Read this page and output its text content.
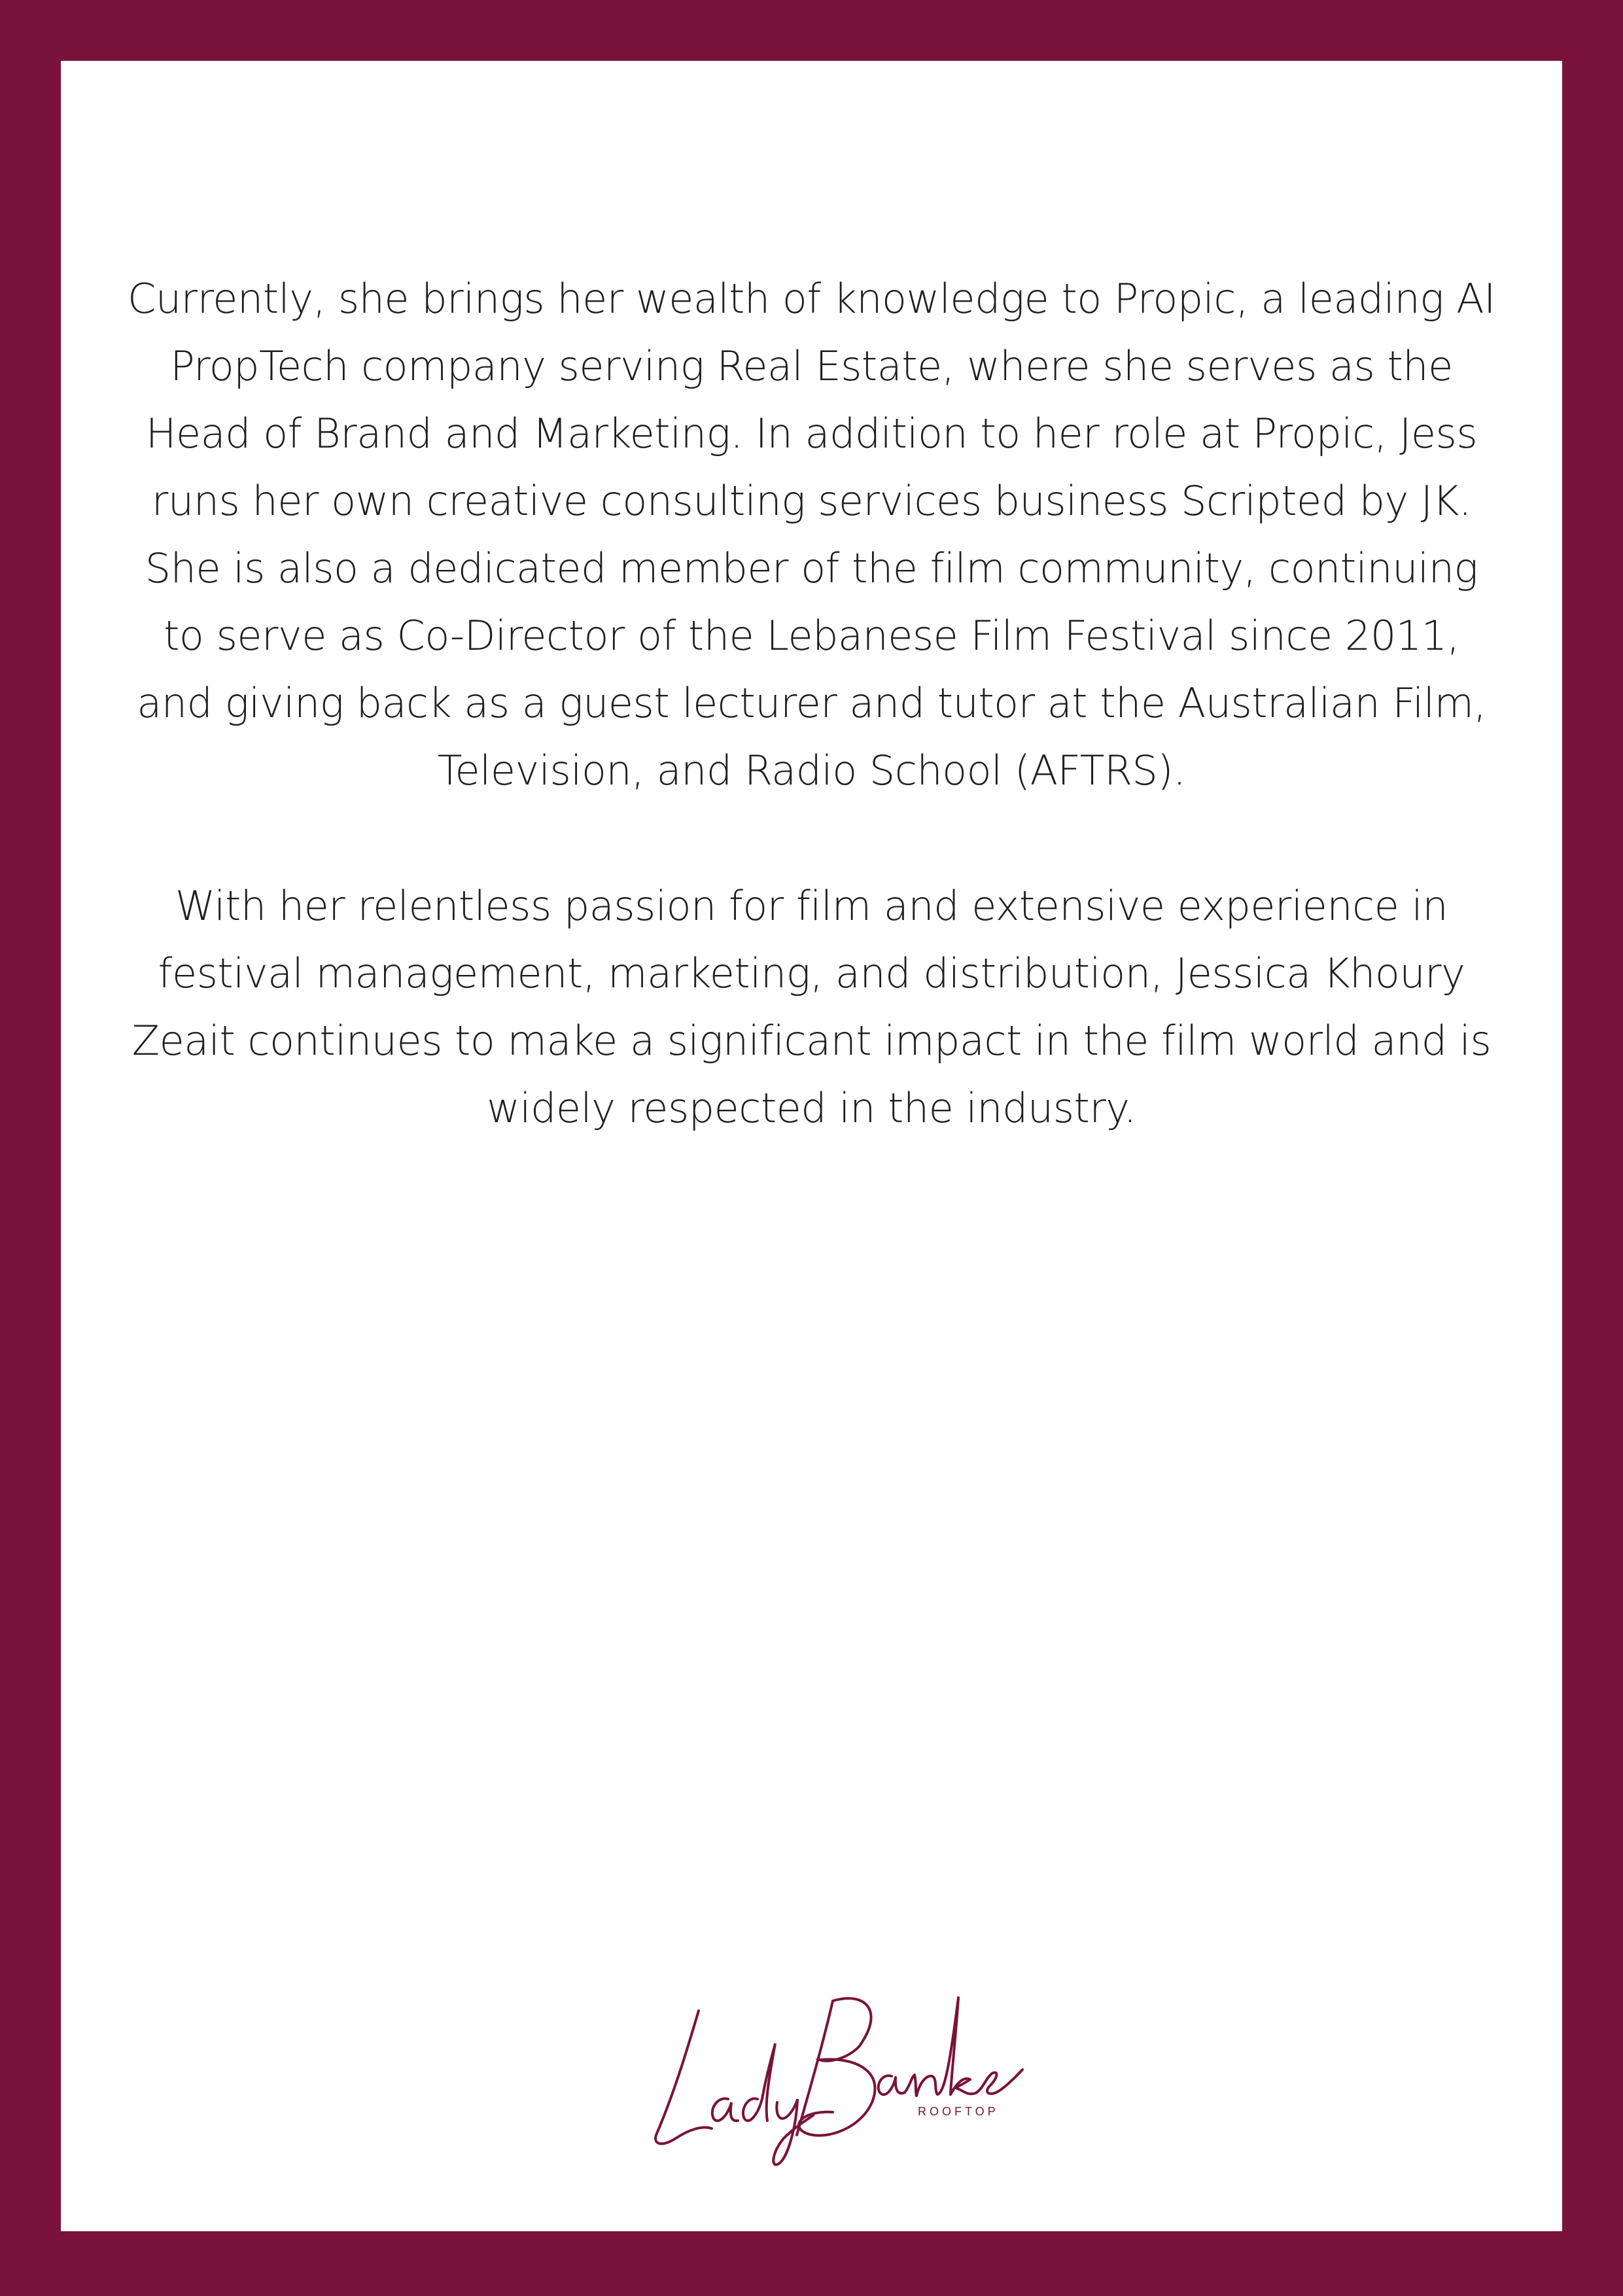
Currently, she brings her wealth of knowledge to Propic, a leading AI PropTech company serving Real Estate, where she serves as the Head of Brand and Marketing. In addition to her role at Propic, Jess runs her own creative consulting services business Scripted by JK. She is also a dedicated member of the film community, continuing to serve as Co-Director of the Lebanese Film Festival since 2011, and giving back as a guest lecturer and tutor at the Australian Film, Television, and Radio School (AFTRS).

With her relentless passion for film and extensive experience in festival management, marketing, and distribution, Jessica Khoury Zeait continues to make a significant impact in the film world and is widely respected in the industry.

ROOFTOP
